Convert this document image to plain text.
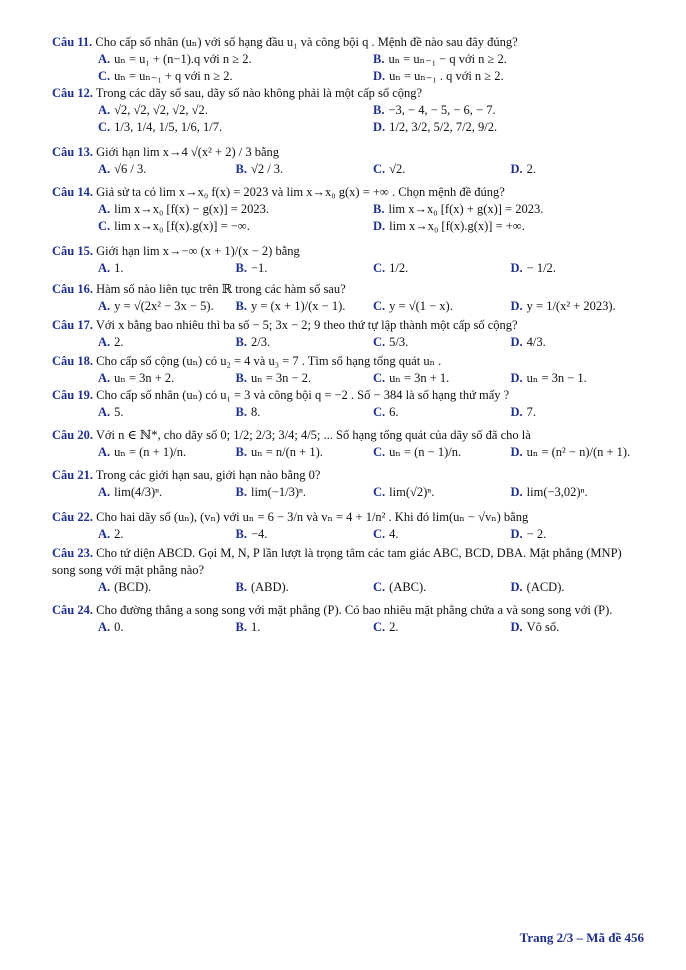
Câu 11. Cho cấp số nhân (uₙ) với số hạng đầu u₁ và công bội q . Mệnh đề nào sau đây đúng?

A. uₙ = u₁ + (n−1).q với n ≥ 2.	B. uₙ = uₙ₋₁ − q với n ≥ 2.
C. uₙ = uₙ₋₁ + q với n ≥ 2.	D. uₙ = uₙ₋₁ . q với n ≥ 2.

Câu 12. Trong các dãy số sau, dãy số nào không phải là một cấp số cộng?

A. √2, √2, √2, √2, √2.	B. −3, − 4, − 5, − 6, − 7.
C. 1/3, 1/4, 1/5, 1/6, 1/7.	D. 1/2, 3/2, 5/2, 7/2, 9/2.

Câu 13. Giới hạn lim x→4 √(x² + 2) / 3 bằng

A. √6 / 3.	B. √2 / 3.	C. √2.	D. 2.

Câu 14. Giả sử ta có lim x→x₀ f(x) = 2023 và lim x→x₀ g(x) = +∞ . Chọn mệnh đề đúng?

A. lim x→x₀ [f(x) − g(x)] = 2023.	B. lim x→x₀ [f(x) + g(x)] = 2023.
C. lim x→x₀ [f(x).g(x)] = −∞.	D. lim x→x₀ [f(x).g(x)] = +∞.

Câu 15. Giới hạn lim x→−∞ (x + 1)/(x − 2) bằng

A. 1.	B. −1.	C. 1/2.	D. − 1/2.

Câu 16. Hàm số nào liên tục trên ℝ trong các hàm số sau?

A. y = √(2x² − 3x − 5).	B. y = (x + 1)/(x − 1).	C. y = √(1 − x).	D. y = 1/(x² + 2023).

Câu 17. Với x bằng bao nhiêu thì ba số − 5; 3x − 2; 9 theo thứ tự lập thành một cấp số cộng?

A. 2.	B. 2/3.	C. 5/3.	D. 4/3.

Câu 18. Cho cấp số cộng (uₙ) có u₂ = 4 và u₃ = 7 . Tìm số hạng tổng quát uₙ .

A. uₙ = 3n + 2.	B. uₙ = 3n − 2.	C. uₙ = 3n + 1.	D. uₙ = 3n − 1.

Câu 19. Cho cấp số nhân (uₙ) có u₁ = 3 và công bội q = −2 . Số − 384 là số hạng thứ mấy ?

A. 5.	B. 8.	C. 6.	D. 7.

Câu 20. Với n ∈ ℕ*, cho dãy số 0; 1/2; 2/3; 3/4; 4/5; ... Số hạng tổng quát của dãy số đã cho là

A. uₙ = (n + 1)/n.	B. uₙ = n/(n + 1).	C. uₙ = (n − 1)/n.	D. uₙ = (n² − n)/(n + 1).

Câu 21. Trong các giới hạn sau, giới hạn nào bằng 0?

A. lim(4/3)ⁿ.	B. lim(−1/3)ⁿ.	C. lim(√2)ⁿ.	D. lim(−3,02)ⁿ.

Câu 22. Cho hai dãy số (uₙ), (vₙ) với uₙ = 6 − 3/n và vₙ = 4 + 1/n² . Khi đó lim(uₙ − √vₙ) bằng

A. 2.	B. −4.	C. 4.	D. − 2.

Câu 23. Cho tứ diện ABCD. Gọi M, N, P lần lượt là trọng tâm các tam giác ABC, BCD, DBA. Mặt phẳng (MNP) song song với mặt phẳng nào?

A. (BCD).	B. (ABD).	C. (ABC).	D. (ACD).

Câu 24. Cho đường thẳng a song song với mặt phẳng (P). Có bao nhiêu mặt phẳng chứa a và song song với (P).

A. 0.	B. 1.	C. 2.	D. Vô số.
Trang 2/3 – Mã đề 456
